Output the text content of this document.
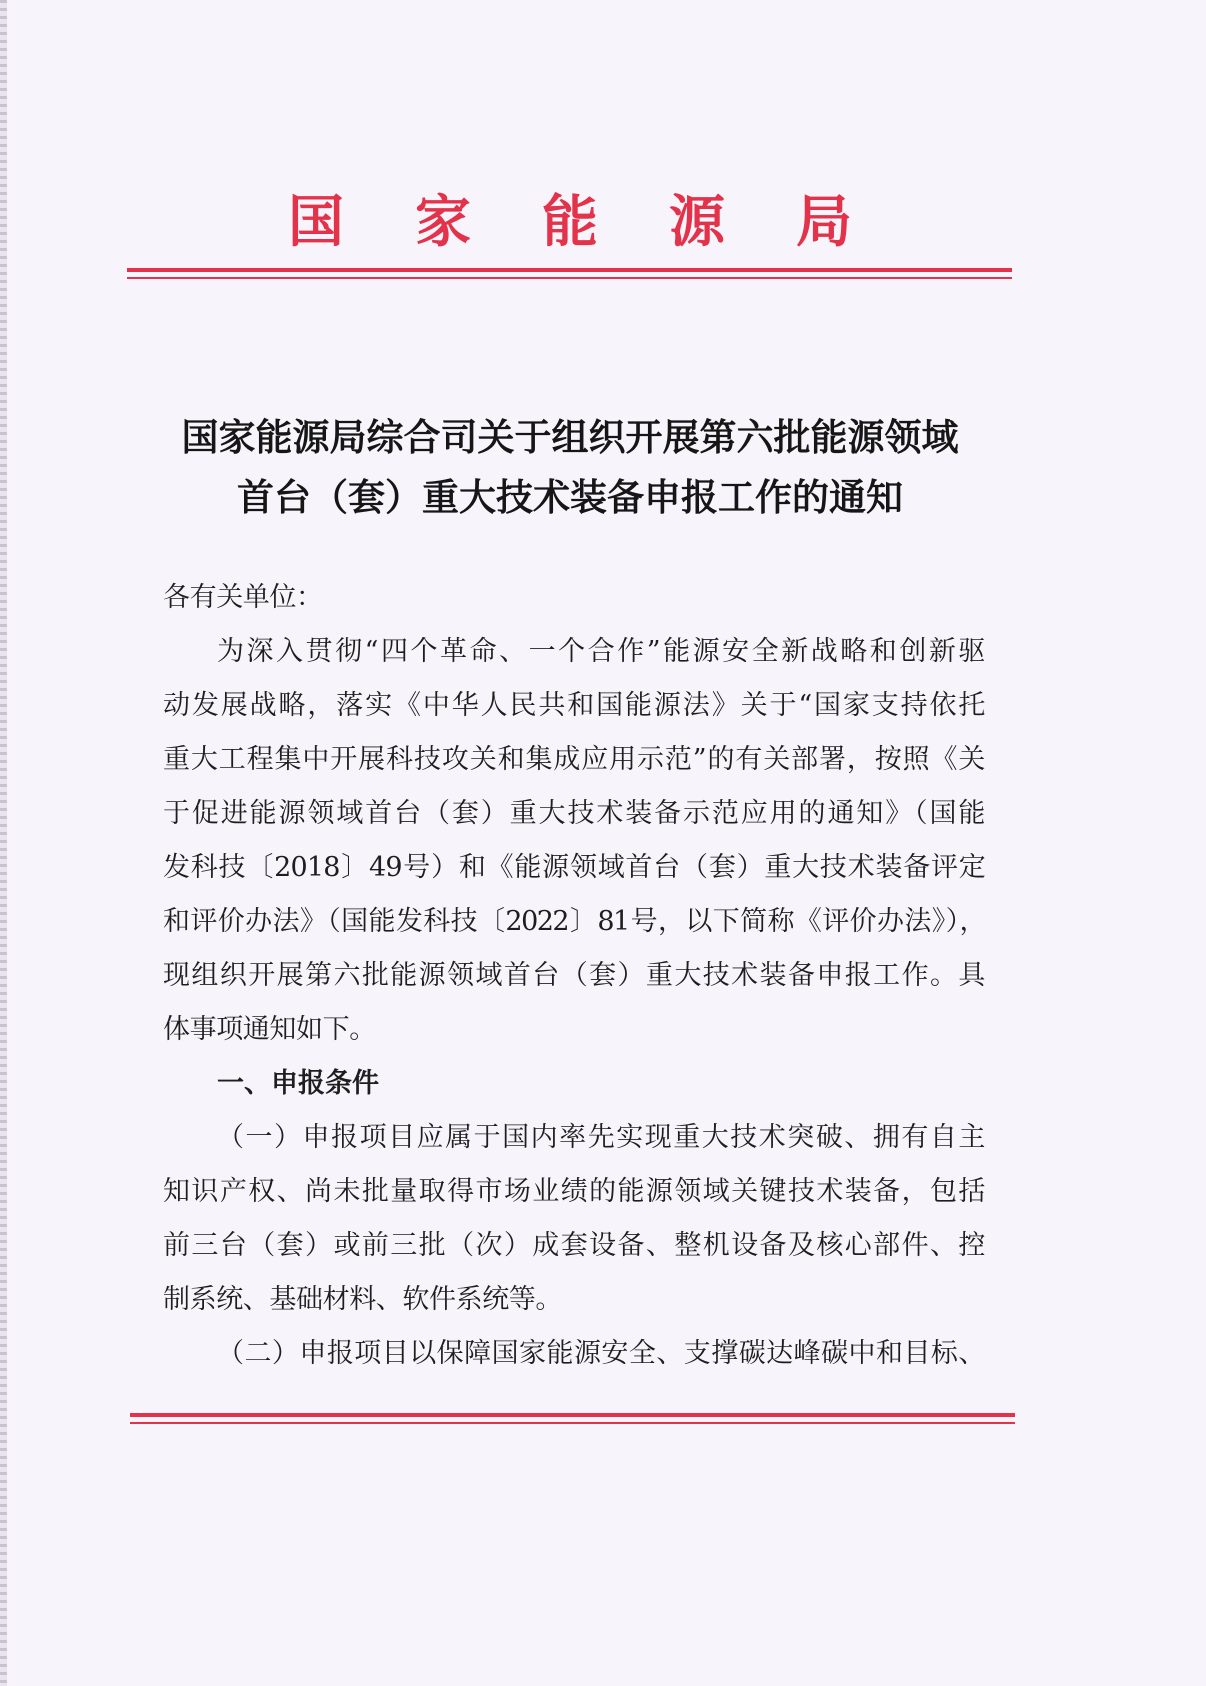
国家能源局
国家能源局综合司关于组织开展第六批能源领域
首台（套）重大技术装备申报工作的通知
各有关单位：
为深入贯彻“四个革命、一个合作”能源安全新战略和创新驱
动发展战略，落实《中华人民共和国能源法》关于“国家支持依托
重大工程集中开展科技攻关和集成应用示范”的有关部署，按照《关
于促进能源领域首台（套）重大技术装备示范应用的通知》（国能
发科技〔2018〕49号）和《能源领域首台（套）重大技术装备评定
和评价办法》（国能发科技〔2022〕81号，以下简称《评价办法》），
现组织开展第六批能源领域首台（套）重大技术装备申报工作。具
体事项通知如下。
一、申报条件
（一）申报项目应属于国内率先实现重大技术突破、拥有自主
知识产权、尚未批量取得市场业绩的能源领域关键技术装备，包括
前三台（套）或前三批（次）成套设备、整机设备及核心部件、控
制系统、基础材料、软件系统等。
（二）申报项目以保障国家能源安全、支撑碳达峰碳中和目标、
